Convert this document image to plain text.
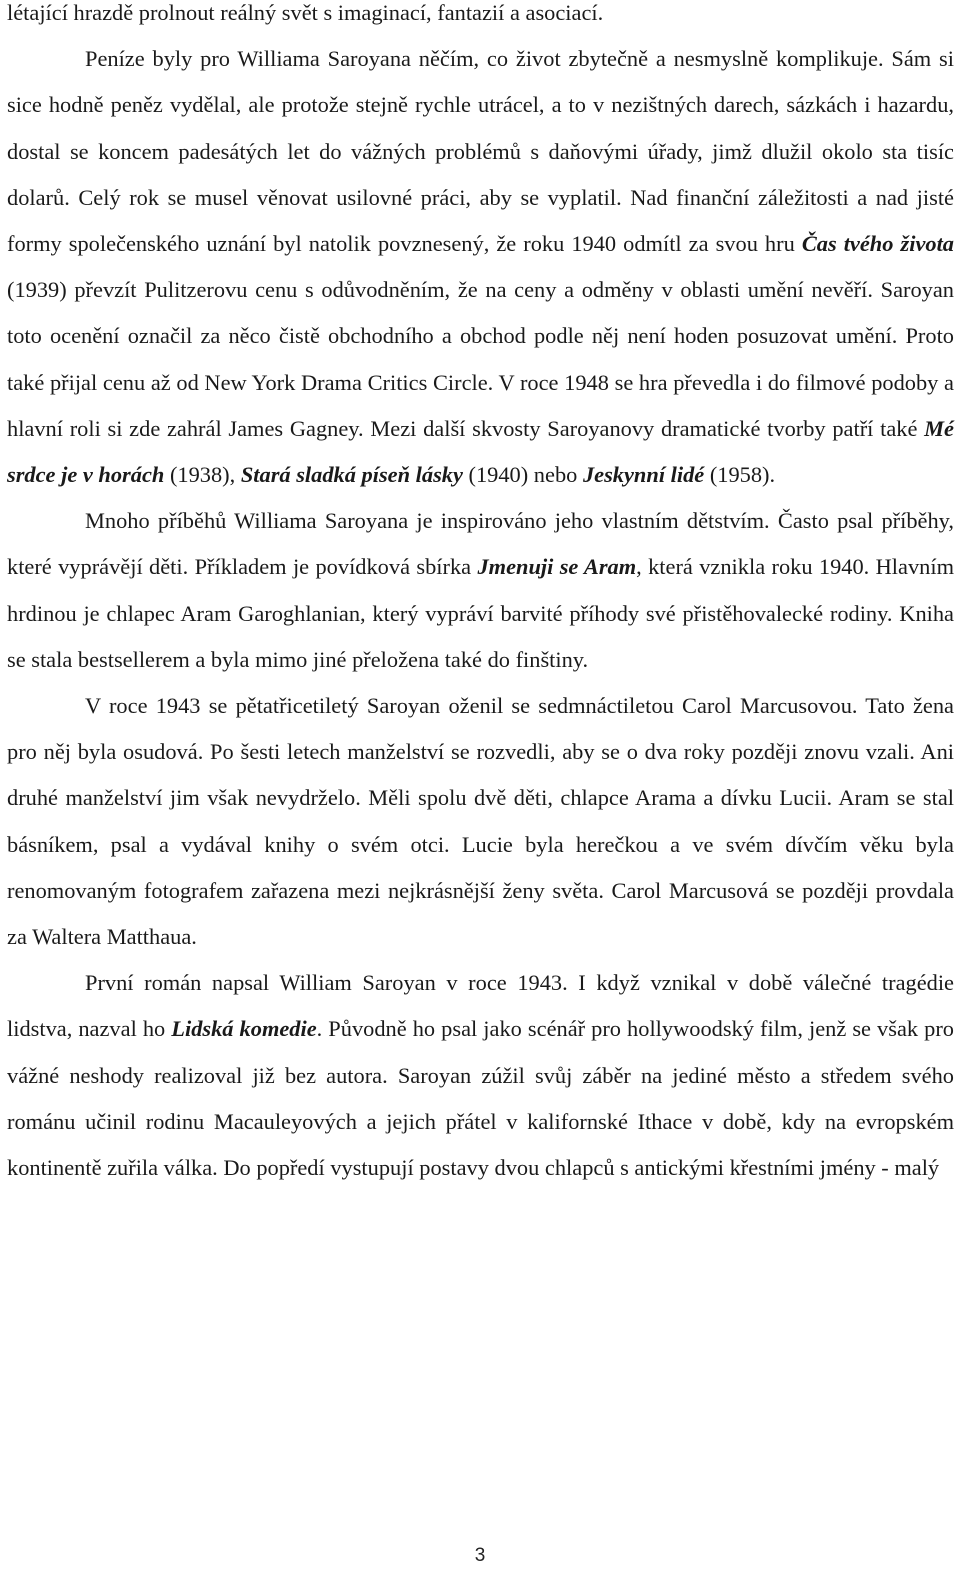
létající hrazdě prolnout reálný svět s imaginací, fantazií a asociací.

Peníze byly pro Williama Saroyana něčím, co život zbytečně a nesmyslně komplikuje. Sám si sice hodně peněz vydělal, ale protože stejně rychle utrácel, a to v nezištných darech, sázkách i hazardu, dostal se koncem padesátých let do vážných problémů s daňovými úřady, jimž dlužil okolo sta tisíc dolarů. Celý rok se musel věnovat usilovné práci, aby se vyplatil. Nad finanční záležitosti a nad jisté formy společenského uznání byl natolik povznesený, že roku 1940 odmítl za svou hru Čas tvého života (1939) převzít Pulitzerovu cenu s odůvodněním, že na ceny a odměny v oblasti umění nevěří. Saroyan toto ocenění označil za něco čistě obchodního a obchod podle něj není hoden posuzovat umění. Proto také přijal cenu až od New York Drama Critics Circle. V roce 1948 se hra převedla i do filmové podoby a hlavní roli si zde zahrál James Gagney. Mezi další skvosty Saroyanovy dramatické tvorby patří také Mé srdce je v horách (1938), Stará sladká píseň lásky (1940) nebo Jeskynní lidé (1958).

Mnoho příběhů Williama Saroyana je inspirováno jeho vlastním dětstvím. Často psal příběhy, které vyprávějí děti. Příkladem je povídková sbírka Jmenuji se Aram, která vznikla roku 1940. Hlavním hrdinou je chlapec Aram Garoghlanian, který vypráví barvité příhody své přistěhovalecké rodiny. Kniha se stala bestsellerem a byla mimo jiné přeložena také do finštiny.

V roce 1943 se pětatřicetiletý Saroyan oženil se sedmnáctiletou Carol Marcusovou. Tato žena pro něj byla osudová. Po šesti letech manželství se rozvedli, aby se o dva roky později znovu vzali. Ani druhé manželství jim však nevydrželo. Měli spolu dvě děti, chlapce Arama a dívku Lucii. Aram se stal básníkem, psal a vydával knihy o svém otci. Lucie byla herečkou a ve svém dívčím věku byla renomovaným fotografem zařazena mezi nejkrásnější ženy světa. Carol Marcusová se později provdala za Waltera Matthaua.

První román napsal William Saroyan v roce 1943. I když vznikal v době válečné tragédie lidstva, nazval ho Lidská komedie. Původně ho psal jako scénář pro hollywoodský film, jenž se však pro vážné neshody realizoval již bez autora. Saroyan zúžil svůj záběr na jediné město a středem svého románu učinil rodinu Macauleyových a jejich přátel v kalifornské Ithace v době, kdy na evropském kontinentě zuřila válka. Do popředí vystupují postavy dvou chlapců s antickými křestními jmény - malý

3
